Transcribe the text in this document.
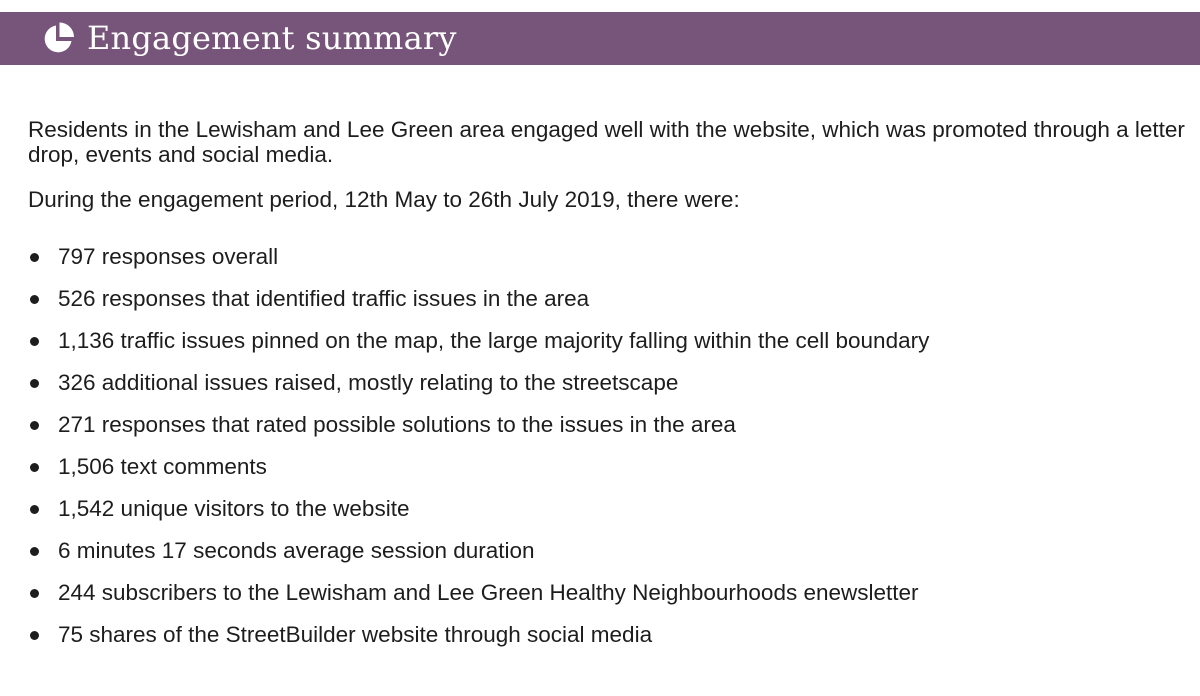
Engagement summary

Residents in the Lewisham and Lee Green area engaged well with the website, which was promoted through a letter drop, events and social media.

During the engagement period, 12th May to 26th July 2019, there were:

797 responses overall
526 responses that identified traffic issues in the area
1,136 traffic issues pinned on the map, the large majority falling within the cell boundary
326 additional issues raised, mostly relating to the streetscape
271 responses that rated possible solutions to the issues in the area
1,506 text comments
1,542 unique visitors to the website
6 minutes 17 seconds average session duration
244 subscribers to the Lewisham and Lee Green Healthy Neighbourhoods enewsletter
75 shares of the StreetBuilder website through social media
